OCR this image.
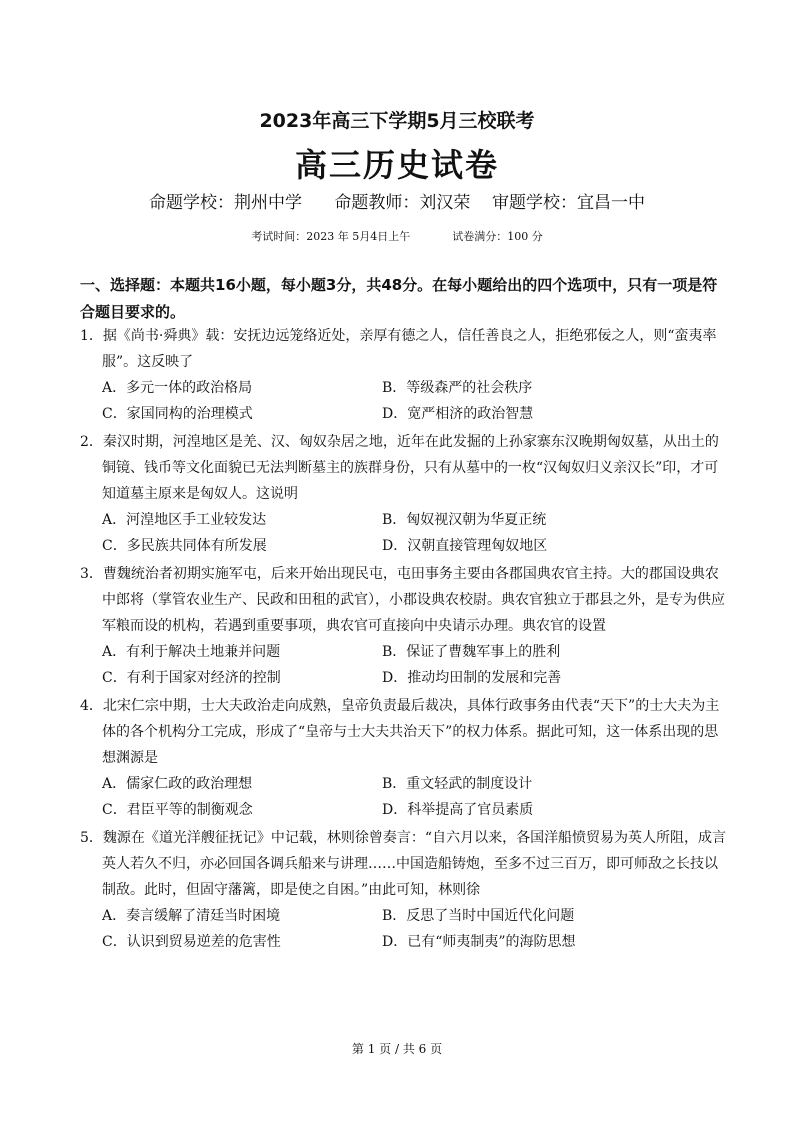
2023年高三下学期5月三校联考
高三历史试卷
命题学校：荆州中学      命题教师：刘汉荣    审题学校：宜昌一中
考试时间：2023 年 5月4日上午            试卷满分：100 分
一、选择题：本题共16小题，每小题3分，共48分。在每小题给出的四个选项中，只有一项是符合题目要求的。
1．据《尚书·舜典》载：安抚边远笼络近处，亲厚有德之人，信任善良之人，拒绝邪佞之人，则“蛮夷率服”。这反映了
A．多元一体的政治格局	B．等级森严的社会秩序
C．家国同构的治理模式	D．宽严相济的政治智慧
2．秦汉时期，河湟地区是羌、汉、匈奴杂居之地，近年在此发掘的上孙家寨东汉晚期匈奴墓，从出土的铜镜、钱币等文化面貌已无法判断墓主的族群身份，只有从墓中的一枚“汉匈奴归义亲汉长”印，才可知道墓主原来是匈奴人。这说明
A．河湟地区手工业较发达	B．匈奴视汉朝为华夏正统
C．多民族共同体有所发展	D．汉朝直接管理匈奴地区
3．曹魏统治者初期实施军屯，后来开始出现民屯，屯田事务主要由各郡国典农官主持。大的郡国设典农中郎将（掌管农业生产、民政和田租的武官），小郡设典农校尉。典农官独立于郡县之外，是专为供应军粮而设的机构，若遇到重要事项，典农官可直接向中央请示办理。典农官的设置
A．有利于解决土地兼并问题	B．保证了曹魏军事上的胜利
C．有利于国家对经济的控制	D．推动均田制的发展和完善
4．北宋仁宗中期，士大夫政治走向成熟，皇帝负责最后裁决，具体行政事务由代表“天下”的士大夫为主体的各个机构分工完成，形成了“皇帝与士大夫共治天下”的权力体系。据此可知，这一体系出现的思想渊源是
A．儒家仁政的政治理想	B．重文轻武的制度设计
C．君臣平等的制衡观念	D．科举提高了官员素质
5．魏源在《道光洋艘征抚记》中记载，林则徐曾奏言：“自六月以来，各国洋船愤贸易为英人所阻，成言英人若久不归，亦必回国各调兵船来与讲理……中国造船铸炮，至多不过三百万，即可师敌之长技以制敌。此时，但固守藩篱，即是使之自困。”由此可知，林则徐
A．奏言缓解了清廷当时困境	B．反思了当时中国近代化问题
C．认识到贸易逆差的危害性	D．已有“师夷制夷”的海防思想
第 1 页 / 共 6 页
